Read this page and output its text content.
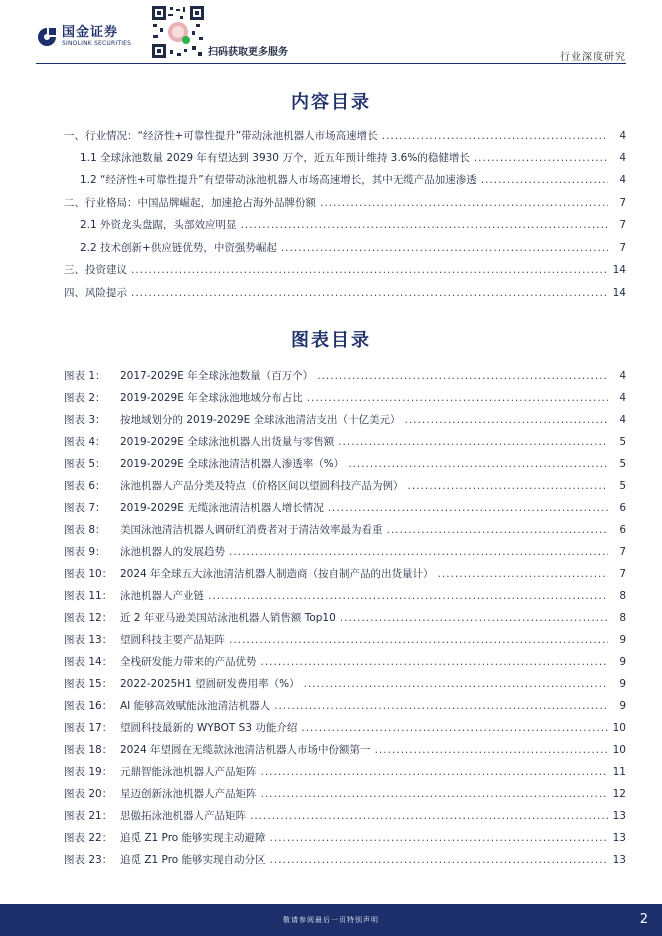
国金证券
SINOLINK SECURITIES
扫码获取更多服务	行业深度研究
内容目录
一、行业情况：“经济性+可靠性提升”带动泳池机器人市场高速增长 .....	4
1.1 全球泳池数量 2029 年有望达到 3930 万个，近五年预计维持 3.6%的稳健增长 .....	4
1.2 “经济性+可靠性提升”有望带动泳池机器人市场高速增长，其中无缆产品加速渗透 .....	4
二、行业格局：中国品牌崛起，加速抢占海外品牌份额 .....	7
2.1 外资龙头盘踞，头部效应明显 .....	7
2.2 技术创新+供应链优势，中资强势崛起 .....	7
三、投资建议 .....	14
四、风险提示 .....	14
图表目录
图表 1：	2017-2029E 年全球泳池数量（百万个） .....	4
图表 2：	2019-2029E 年全球泳池地域分布占比 .....	4
图表 3：	按地域划分的 2019-2029E 全球泳池清洁支出（十亿美元） .....	4
图表 4：	2019-2029E 全球泳池机器人出货量与零售额 .....	5
图表 5：	2019-2029E 全球泳池清洁机器人渗透率（%） .....	5
图表 6：	泳池机器人产品分类及特点（价格区间以望圆科技产品为例） .....	5
图表 7：	2019-2029E 无缆泳池清洁机器人增长情况 .....	6
图表 8：	美国泳池清洁机器人调研红消费者对于清洁效率最为看重 .....	6
图表 9：	泳池机器人的发展趋势 .....	7
图表 10： 2024 年全球五大泳池清洁机器人制造商（按自制产品的出货量计） .....	7
图表 11： 泳池机器人产业链 .....	8
图表 12： 近 2 年亚马逊美国站泳池机器人销售额 Top10 .....	8
图表 13： 望圆科技主要产品矩阵 .....	9
图表 14： 全栈研发能力带来的产品优势 .....	9
图表 15： 2022-2025H1 望圆研发费用率（%） .....	9
图表 16： AI 能够高效赋能泳池清洁机器人 .....	9
图表 17： 望圆科技最新的 WYBOT S3 功能介绍 .....	10
图表 18： 2024 年望圆在无缆款泳池清洁机器人市场中份额第一 .....	10
图表 19： 元鼎智能泳池机器人产品矩阵 .....	11
图表 20： 星迈创新泳池机器人产品矩阵 .....	12
图表 21： 思傲拓泳池机器人产品矩阵 .....	13
图表 22： 追觅 Z1 Pro 能够实现主动避障 .....	13
图表 23： 追觅 Z1 Pro 能够实现自动分区 .....	13
敬请参阅最后一页特别声明	2
